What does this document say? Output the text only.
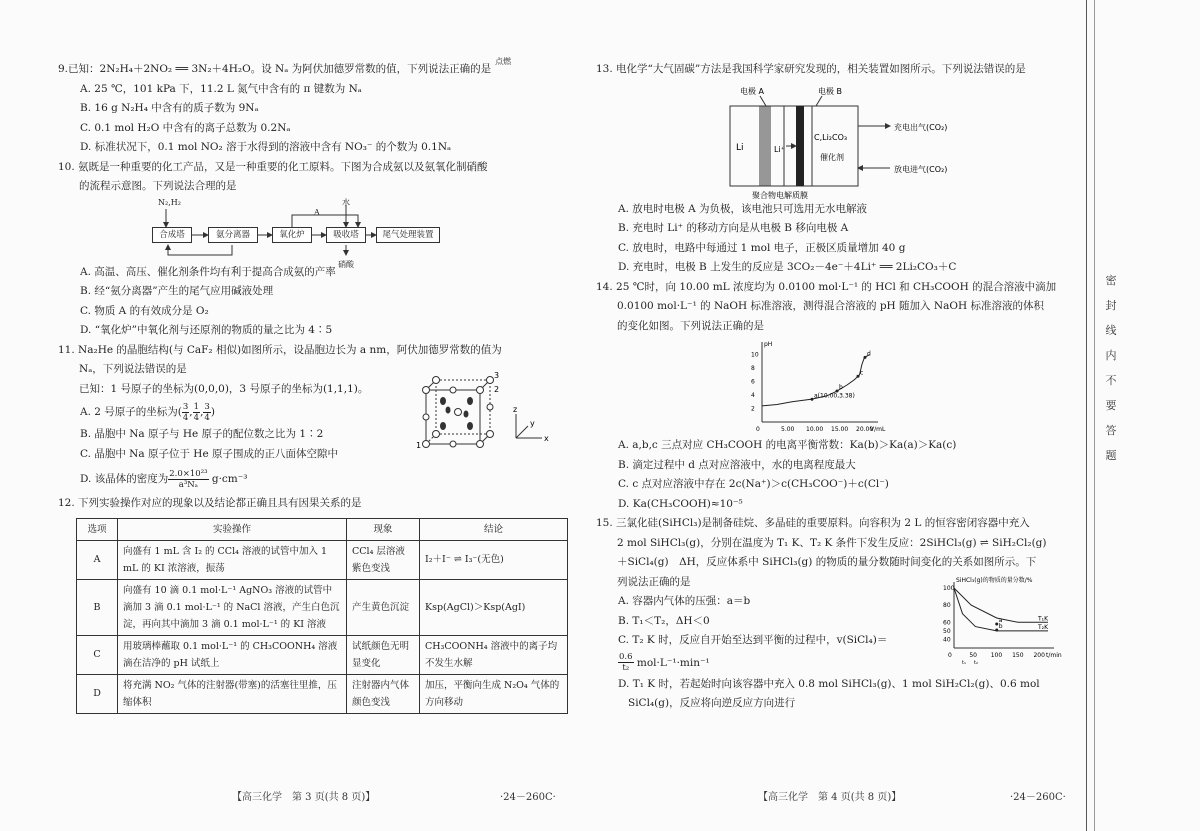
9.已知：2N₂H₄＋2NO₂ ══ 3N₂＋4H₂O。设 Nₐ 为阿伏加德罗常数的值，下列说法正确的是$^{点燃}$

A. 25 ℃，101 kPa 下，11.2 L 氮气中含有的 π 键数为 Nₐ

B. 16 g N₂H₄ 中含有的质子数为 9Nₐ

C. 0.1 mol H₂O 中含有的离子总数为 0.2Nₐ

D. 标准状况下，0.1 mol NO₂ 溶于水得到的溶液中含有 NO₃⁻ 的个数为 0.1Nₐ

10. 氨既是一种重要的化工产品，又是一种重要的化工原料。下图为合成氨以及氨氧化制硝酸

的流程示意图。下列说法合理的是

N₂,H₂
合成塔	氨分离器	氧化炉	吸收塔	尾气处理装置
A
水
硝酸

A. 高温、高压、催化剂条件均有利于提高合成氨的产率

B. 经“氨分离器”产生的尾气应用碱液处理

C. 物质 A 的有效成分是 O₂

D. “氧化炉”中氧化剂与还原剂的物质的量之比为 4∶5

11. Na₂He 的晶胞结构(与 CaF₂ 相似)如图所示，设晶胞边长为 a nm，阿伏加德罗常数的值为

Nₐ，下列说法错误的是

已知：1 号原子的坐标为(0,0,0)，3 号原子的坐标为(1,1,1)。

A. 2 号原子的坐标为( $\frac{3}{4}$ , $\frac{1}{4}$ , $\frac{3}{4}$ )

B. 晶胞中 Na 原子与 He 原子的配位数之比为 1∶2

C. 晶胞中 Na 原子位于 He 原子围成的正八面体空隙中

D. 该晶体的密度为 $\frac{\text{2.0×10²³}}{\text{a³Nₐ}} g\cdot cm^{-3}$

1
2
3
x
y
z

12. 下列实验操作对应的现象以及结论都正确且具有因果关系的是

选项	实验操作	现象	结论
A	向盛有 1 mL 含 I₂ 的 CCl₄ 溶液的试管中加入 1 mL 的 KI 浓溶液，振荡	CCl₄ 层溶液紫色变浅	I₂＋I⁻ ⇌ I₃⁻(无色)
B	向盛有 10 滴 0.1 mol·L⁻¹ AgNO₃ 溶液的试管中滴加 3 滴 0.1 mol·L⁻¹ 的 NaCl 溶液，产生白色沉淀，再向其中滴加 3 滴 0.1 mol·L⁻¹ 的 KI 溶液	产生黄色沉淀	Ksp(AgCl)＞Ksp(AgI)
C	用玻璃棒蘸取 0.1 mol·L⁻¹ 的 CH₃COONH₄ 溶液滴在洁净的 pH 试纸上	试纸颜色无明显变化	CH₃COONH₄ 溶液中的离子均不发生水解
D	将充满 NO₂ 气体的注射器(带塞)的活塞往里推，压缩体积	注射器内气体颜色变浅	加压，平衡向生成 N₂O₄ 气体的方向移动

13. 电化学“大气固碳”方法是我国科学家研究发现的，相关装置如图所示。下列说法错误的是

电极 A	电极 B
Li	Li⁺
C,Li₂CO₃
催化剂
充电出气(CO₂)
放电进气(CO₂)
聚合物电解质膜

A. 放电时电极 A 为负极，该电池只可选用无水电解液

B. 充电时 Li⁺ 的移动方向是从电极 B 移向电极 A

C. 放电时，电路中每通过 1 mol 电子，正极区质量增加 40 g

D. 充电时，电极 B 上发生的反应是 3CO₂－4e⁻＋4Li⁺ ══ 2Li₂CO₃＋C

14. 25 ℃时，向 10.00 mL 浓度均为 0.0100 mol·L⁻¹ 的 HCl 和 CH₃COOH 的混合溶液中滴加

0.0100 mol·L⁻¹ 的 NaOH 标准溶液，测得混合溶液的 pH 随加入 NaOH 标准溶液的体积

的变化如图。下列说法正确的是

0	5.00 10.00 15.00 20.00
2
4
6
8
10
V/mL
pH
a(10.00,3.38)
b
c
d

A. a,b,c 三点对应 CH₃COOH 的电离平衡常数：Ka(b)＞Ka(a)＞Ka(c)

B. 滴定过程中 d 点对应溶液中，水的电离程度最大

C. c 点对应溶液中存在 2c(Na⁺)＞c(CH₃COO⁻)＋c(Cl⁻)

D. Ka(CH₃COOH)≈10⁻⁵

15. 三氯化硅(SiHCl₃)是制备硅烷、多晶硅的重要原料。向容积为 2 L 的恒容密闭容器中充入

2 mol SiHCl₃(g)，分别在温度为 T₁ K、T₂ K 条件下发生反应：2SiHCl₃(g) ⇌ SiH₂Cl₂(g)

＋SiCl₄(g)　ΔH，反应体系中 SiHCl₃(g) 的物质的量分数随时间变化的关系如图所示。下

列说法正确的是

A. 容器内气体的压强：a＝b

B. T₁＜T₂，ΔH＜0

C. T₂ K 时，反应自开始至达到平衡的过程中，v(SiCl₄)＝

$\frac{0.6}{\text{t₂}} mol\cdot L^{-1}\cdot\min^{-1}$

D. T₁ K 时，若起始时向该容器中充入 0.8 mol SiHCl₃(g)、1 mol SiH₂Cl₂(g)、0.6 mol

SiCl₄(g)，反应将向逆反应方向进行

0	50 100 150 200
40
50
60
80
100
t/min
SiHCl₃(g)的物质的量分数/%
T₂K
T₁K
a
b
t₁ t₂
【高三化学　第 3 页(共 8 页)】	·24－260C·	【高三化学　第 4 页(共 8 页)】	·24－260C·
密
封
线
内
不
要
答
题
